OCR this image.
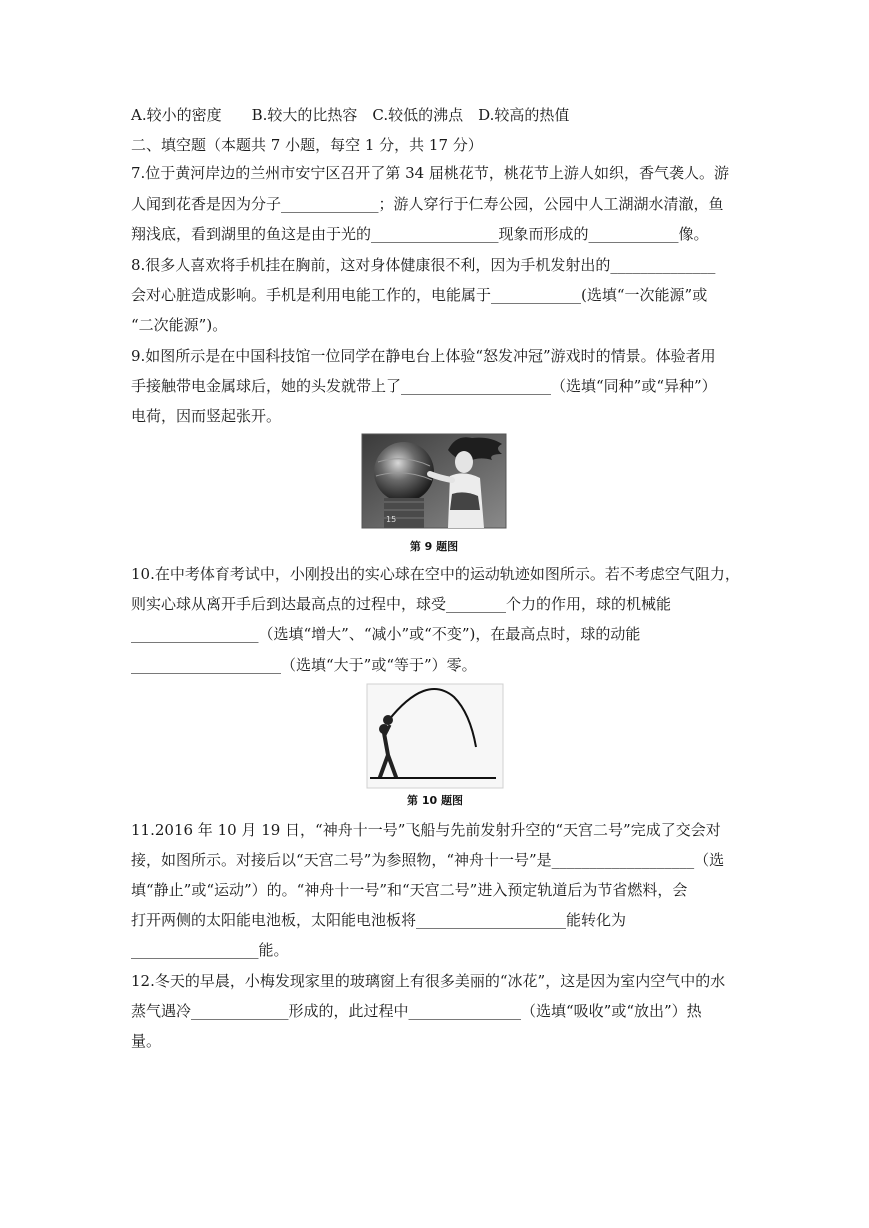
A.较小的密度　　B.较大的比热容　C.较低的沸点　D.较高的热值
二、填空题（本题共 7 小题，每空 1 分，共 17 分）
7.位于黄河岸边的兰州市安宁区召开了第 34 届桃花节，桃花节上游人如织，香气袭人。游
人闻到花香是因为分子_____________；游人穿行于仁寿公园，公园中人工湖湖水清澈，鱼
翔浅底，看到湖里的鱼这是由于光的_________________现象而形成的____________像。
8.很多人喜欢将手机挂在胸前，这对身体健康很不利，因为手机发射出的______________
会对心脏造成影响。手机是利用电能工作的，电能属于____________(选填“一次能源”或
“二次能源”)。
9.如图所示是在中国科技馆一位同学在静电台上体验“怒发冲冠”游戏时的情景。体验者用
手接触带电金属球后，她的头发就带上了____________________（选填“同种”或“异种”）
电荷，因而竖起张开。
15
第 9 题图
10.在中考体育考试中，小刚投出的实心球在空中的运动轨迹如图所示。若不考虑空气阻力，
则实心球从离开手后到达最高点的过程中，球受________个力的作用，球的机械能
_________________（选填“增大”、“减小”或“不变”)，在最高点时，球的动能
____________________（选填“大于”或“等于”）零。
第 10 题图
11.2016 年 10 月 19 日，“神舟十一号”飞船与先前发射升空的“天宫二号”完成了交会对
接，如图所示。对接后以“天宫二号”为参照物，“神舟十一号”是___________________（选
填“静止”或“运动”）的。“神舟十一号”和“天宫二号”进入预定轨道后为节省燃料，会
打开两侧的太阳能电池板，太阳能电池板将____________________能转化为
_________________能。
12.冬天的早晨，小梅发现家里的玻璃窗上有很多美丽的“冰花”，这是因为室内空气中的水
蒸气遇冷_____________形成的，此过程中_______________（选填“吸收”或“放出”）热
量。
